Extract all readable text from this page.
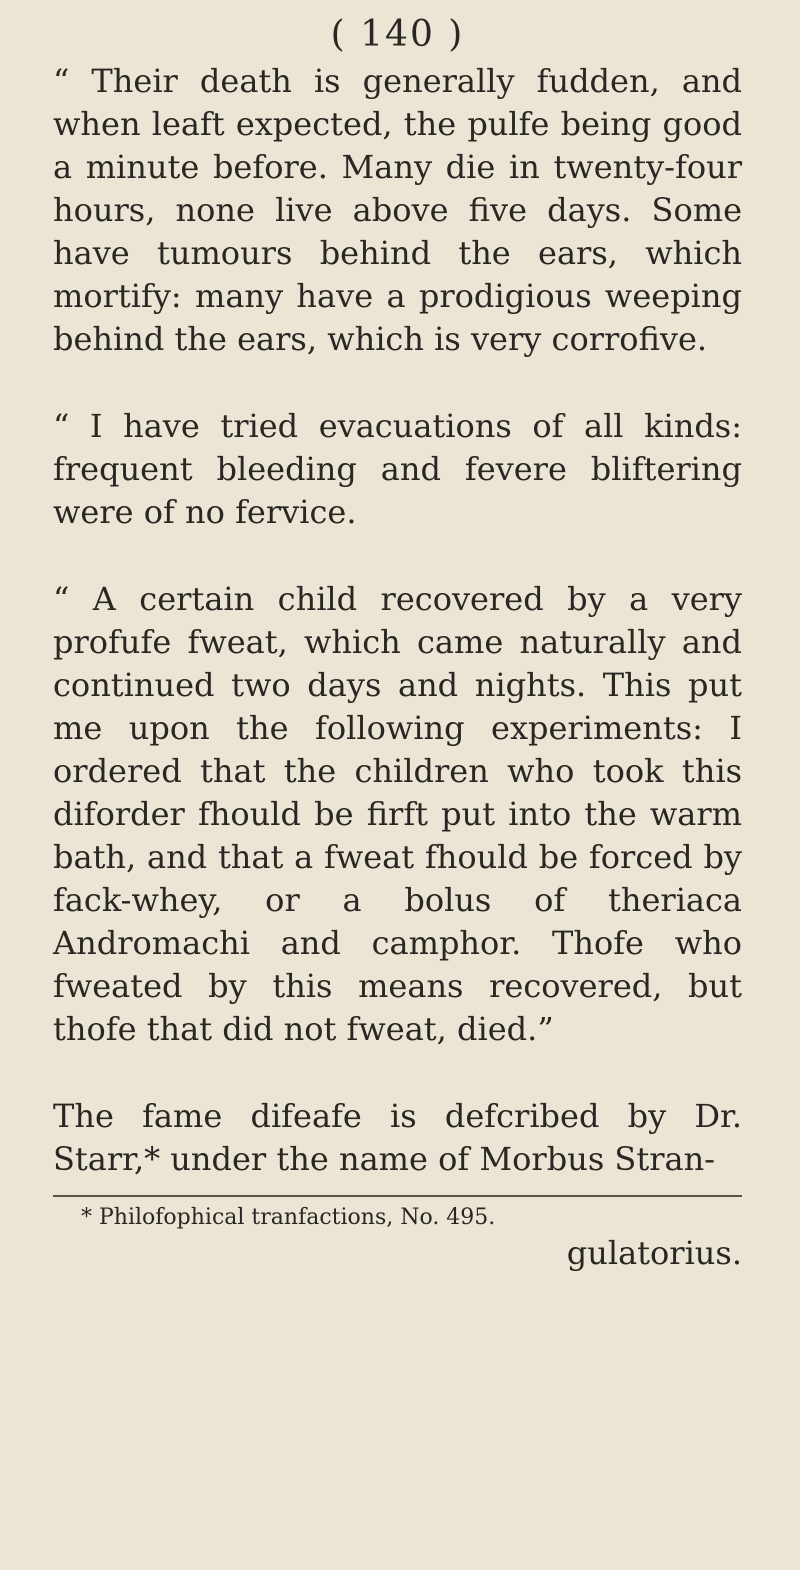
( 140 )

“ Their death is generally fudden, and when leaft expected, the pulfe being good a minute before. Many die in twenty-four hours, none live above five days. Some have tumours behind the ears, which mortify: many have a prodigious weeping behind the ears, which is very corrofive.

“ I have tried evacuations of all kinds: frequent bleeding and fevere bliftering were of no fervice.

“ A certain child recovered by a very profufe fweat, which came naturally and continued two days and nights. This put me upon the following experiments: I ordered that the children who took this diforder fhould be firft put into the warm bath, and that a fweat fhould be forced by fack-whey, or a bolus of theriaca Andromachi and camphor. Thofe who fweated by this means recovered, but thofe that did not fweat, died.”

The fame difeafe is defcribed by Dr. Starr,* under the name of Morbus Stran-

* Philofophical tranfactions, No. 495.
gulatorius.
